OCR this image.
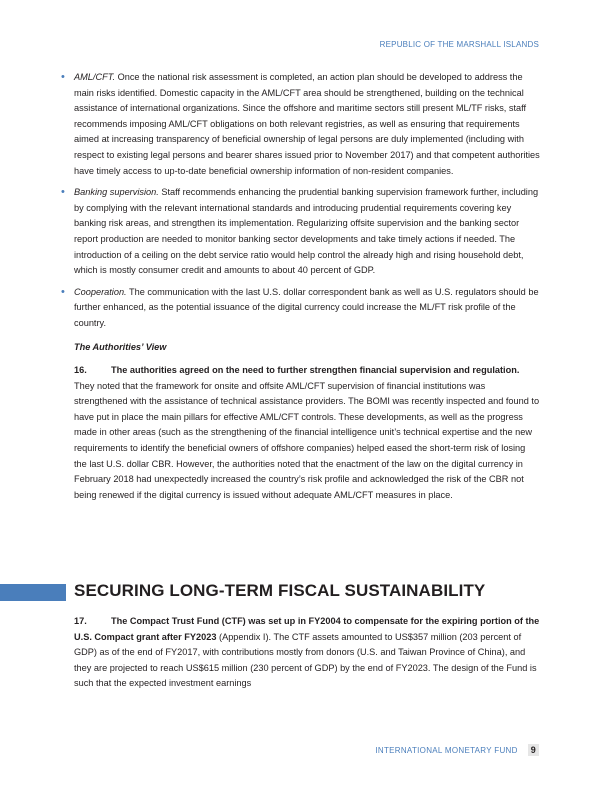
REPUBLIC OF THE MARSHALL ISLANDS
• AML/CFT. Once the national risk assessment is completed, an action plan should be developed to address the main risks identified. Domestic capacity in the AML/CFT area should be strengthened, building on the technical assistance of international organizations. Since the offshore and maritime sectors still present ML/TF risks, staff recommends imposing AML/CFT obligations on both relevant registries, as well as ensuring that requirements aimed at increasing transparency of beneficial ownership of legal persons are duly implemented (including with respect to existing legal persons and bearer shares issued prior to November 2017) and that competent authorities have timely access to up-to-date beneficial ownership information of non-resident companies.
• Banking supervision. Staff recommends enhancing the prudential banking supervision framework further, including by complying with the relevant international standards and introducing prudential requirements covering key banking risk areas, and strengthen its implementation. Regularizing offsite supervision and the banking sector report production are needed to monitor banking sector developments and take timely actions if needed. The introduction of a ceiling on the debt service ratio would help control the already high and rising household debt, which is mostly consumer credit and amounts to about 40 percent of GDP.
• Cooperation. The communication with the last U.S. dollar correspondent bank as well as U.S. regulators should be further enhanced, as the potential issuance of the digital currency could increase the ML/FT risk profile of the country.
The Authorities’ View
16.	The authorities agreed on the need to further strengthen financial supervision and regulation. They noted that the framework for onsite and offsite AML/CFT supervision of financial institutions was strengthened with the assistance of technical assistance providers. The BOMI was recently inspected and found to have put in place the main pillars for effective AML/CFT controls. These developments, as well as the progress made in other areas (such as the strengthening of the financial intelligence unit’s technical expertise and the new requirements to identify the beneficial owners of offshore companies) helped eased the short-term risk of losing the last U.S. dollar CBR. However, the authorities noted that the enactment of the law on the digital currency in February 2018 had unexpectedly increased the country’s risk profile and acknowledged the risk of the CBR not being renewed if the digital currency is issued without adequate AML/CFT measures in place.
SECURING LONG-TERM FISCAL SUSTAINABILITY
17.	The Compact Trust Fund (CTF) was set up in FY2004 to compensate for the expiring portion of the U.S. Compact grant after FY2023 (Appendix I). The CTF assets amounted to US$357 million (203 percent of GDP) as of the end of FY2017, with contributions mostly from donors (U.S. and Taiwan Province of China), and they are projected to reach US$615 million (230 percent of GDP) by the end of FY2023. The design of the Fund is such that the expected investment earnings
INTERNATIONAL MONETARY FUND	9
